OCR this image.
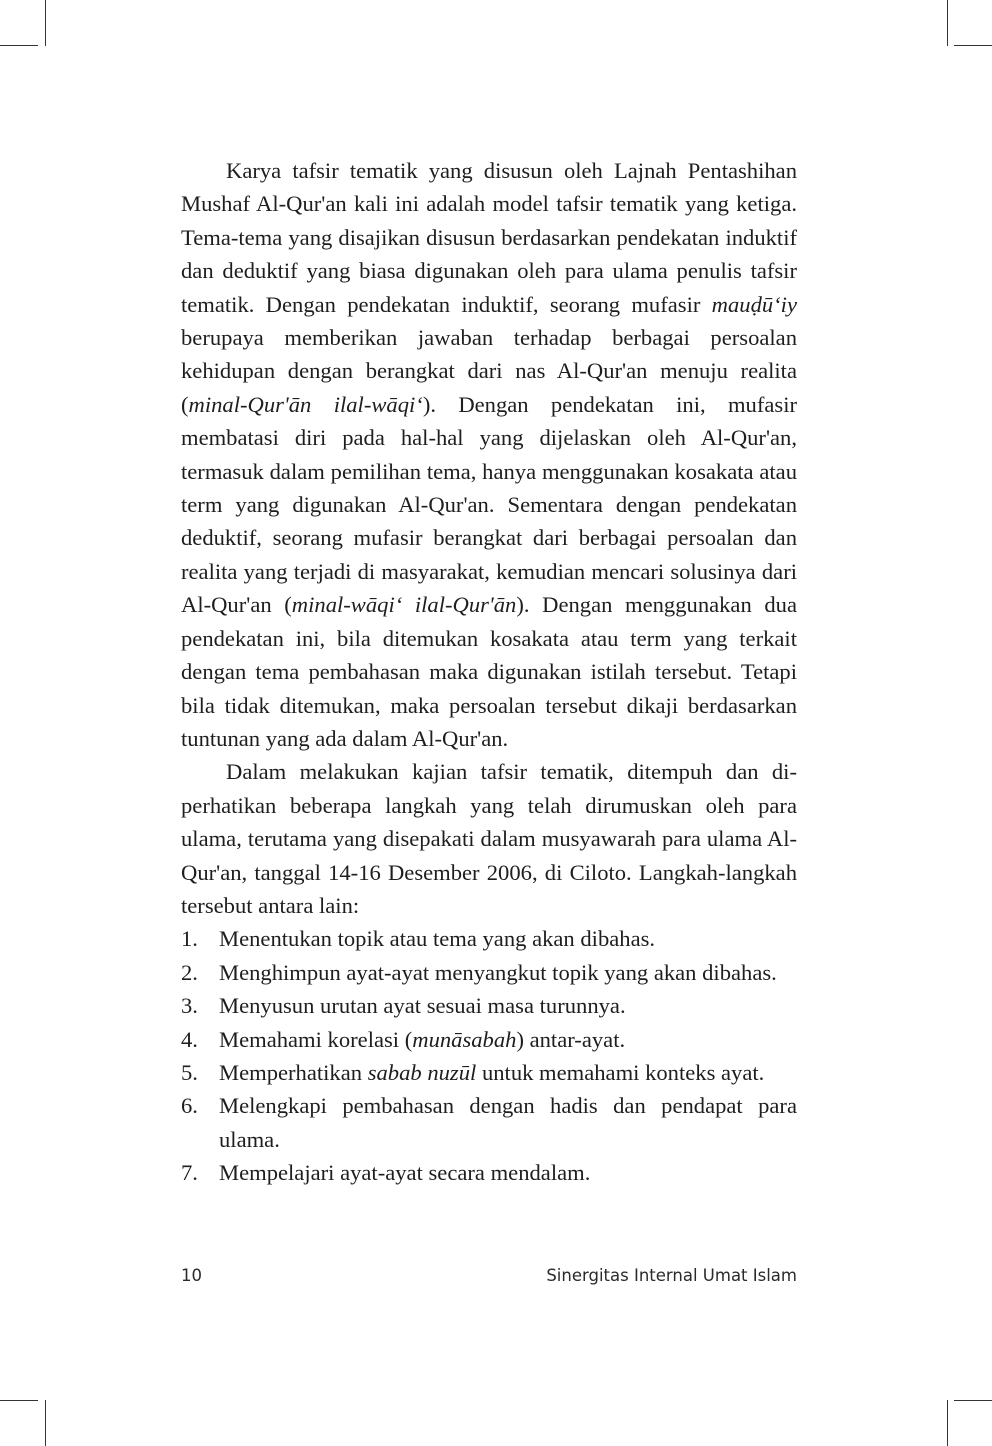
Karya tafsir tematik yang disusun oleh Lajnah Pentashihan Mushaf Al-Qur'an kali ini adalah model tafsir tematik yang ketiga. Tema-tema yang disajikan disusun berdasarkan pendekatan induktif dan deduktif yang biasa digunakan oleh para ulama penulis tafsir tematik. Dengan pendekatan induktif, seorang mufasir mauḍū‘iy berupaya memberikan jawaban terhadap berbagai persoalan kehidupan dengan berangkat dari nas Al-Qur'an menuju realita (minal-Qur'ān ilal-wāqi‘). Dengan pendekatan ini, mufasir membatasi diri pada hal-hal yang dijelaskan oleh Al-Qur'an, termasuk dalam pemilihan tema, hanya menggunakan kosakata atau term yang digunakan Al-Qur'an. Sementara dengan pendekatan deduktif, seorang mufasir berangkat dari berbagai persoalan dan realita yang terjadi di masyarakat, kemudian mencari solusinya dari Al-Qur'an (minal-wāqi‘ ilal-Qur'ān). Dengan menggunakan dua pendekatan ini, bila ditemukan kosakata atau term yang terkait dengan tema pembahasan maka digunakan istilah tersebut. Tetapi bila tidak ditemukan, maka persoalan tersebut dikaji berdasarkan tuntunan yang ada dalam Al-Qur'an.

Dalam melakukan kajian tafsir tematik, ditempuh dan diperhatikan beberapa langkah yang telah dirumuskan oleh para ulama, terutama yang disepakati dalam musyawarah para ulama Al-Qur'an, tanggal 14-16 Desember 2006, di Ciloto. Langkah-langkah tersebut antara lain:

1. Menentukan topik atau tema yang akan dibahas.
2. Menghimpun ayat-ayat menyangkut topik yang akan dibahas.
3. Menyusun urutan ayat sesuai masa turunnya.
4. Memahami korelasi (munāsabah) antar-ayat.
5. Memperhatikan sabab nuzūl untuk memahami konteks ayat.
6. Melengkapi pembahasan dengan hadis dan pendapat para ulama.
7. Mempelajari ayat-ayat secara mendalam.
10	Sinergitas Internal Umat Islam
